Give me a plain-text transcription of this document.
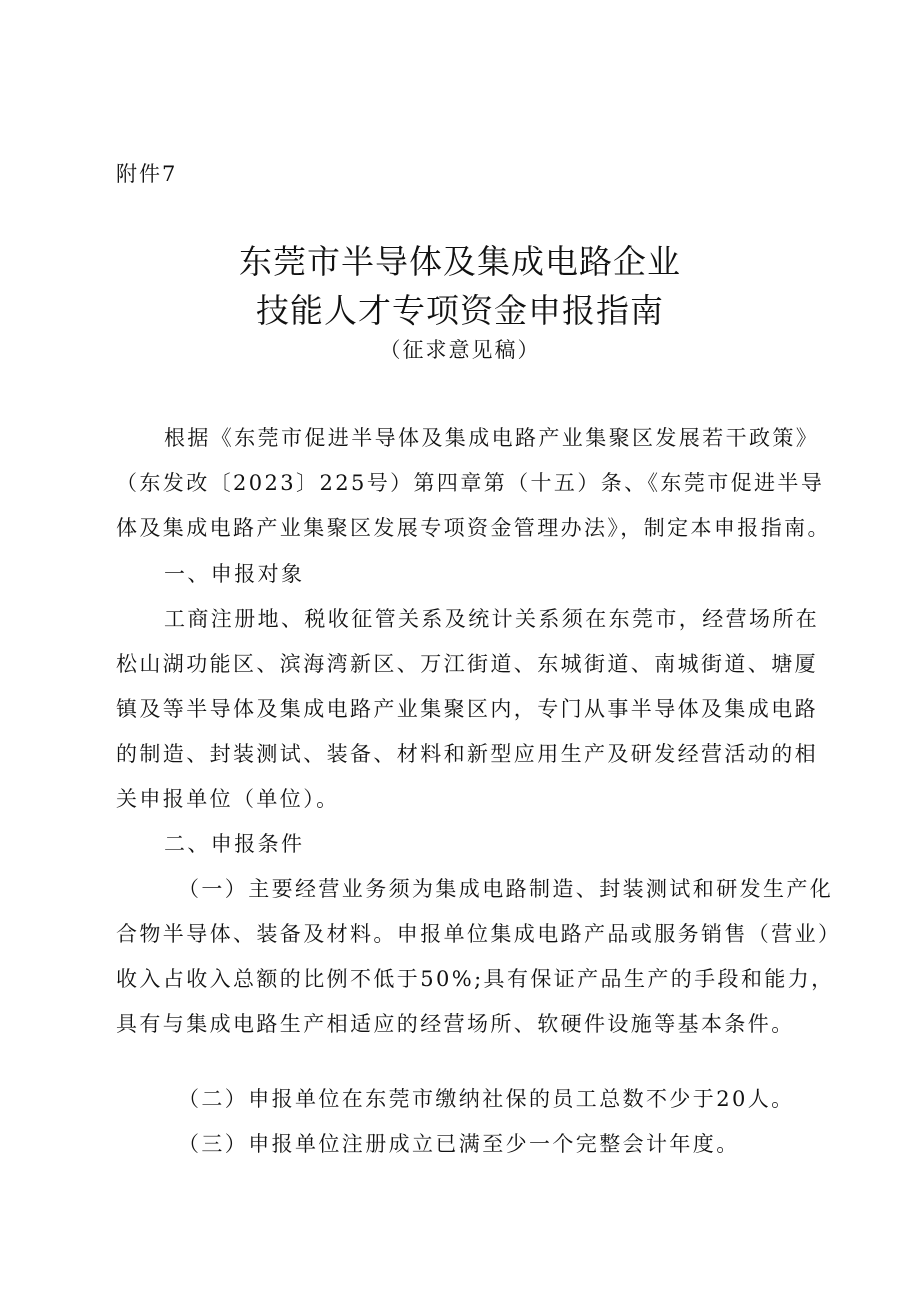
附件7
东莞市半导体及集成电路企业
技能人才专项资金申报指南
（征求意见稿）
根据《东莞市促进半导体及集成电路产业集聚区发展若干政策》
（东发改〔2023〕225号）第四章第（十五）条、《东莞市促进半导
体及集成电路产业集聚区发展专项资金管理办法》，制定本申报指南。
一、申报对象
工商注册地、税收征管关系及统计关系须在东莞市，经营场所在
松山湖功能区、滨海湾新区、万江街道、东城街道、南城街道、塘厦
镇及等半导体及集成电路产业集聚区内，专门从事半导体及集成电路
的制造、封装测试、装备、材料和新型应用生产及研发经营活动的相
关申报单位（单位）。
二、申报条件
（一）主要经营业务须为集成电路制造、封装测试和研发生产化
合物半导体、装备及材料。申报单位集成电路产品或服务销售（营业）
收入占收入总额的比例不低于50%;具有保证产品生产的手段和能力，
具有与集成电路生产相适应的经营场所、软硬件设施等基本条件。
（二）申报单位在东莞市缴纳社保的员工总数不少于20人。
（三）申报单位注册成立已满至少一个完整会计年度。
